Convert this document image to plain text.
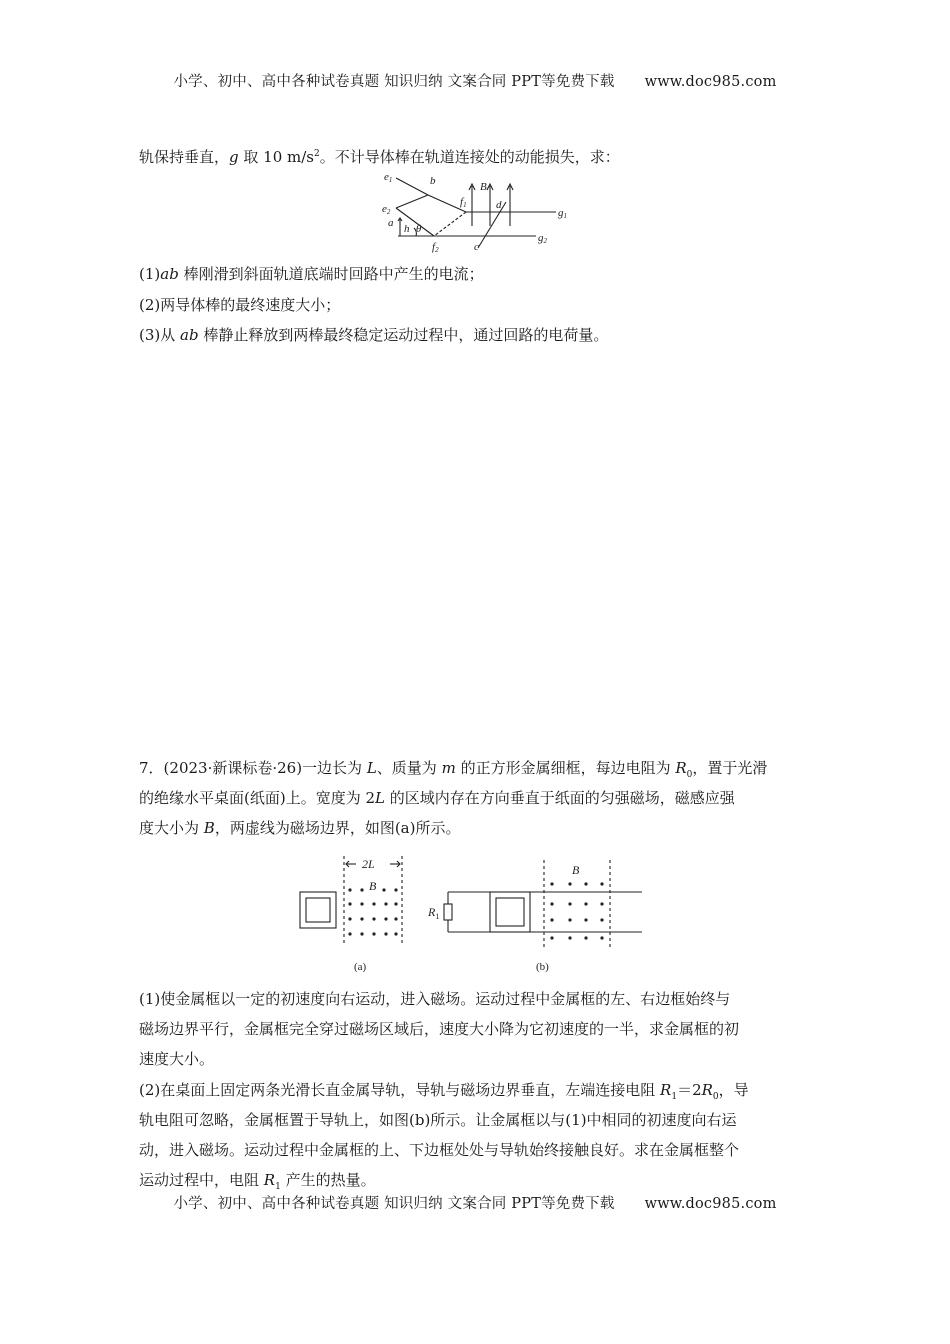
小学、初中、高中各种试卷真题 知识归纳 文案合同 PPT等免费下载 www.doc985.com
轨保持垂直，g 取 10 $m/s^2$。不计导体棒在轨道连接处的动能损失，求：
e1	b
e2
a h θ
f1
f2
B
d
c
g1
g2
(1)ab 棒刚滑到斜面轨道底端时回路中产生的电流；
(2)两导体棒的最终速度大小；
(3)从 ab 棒静止释放到两棒最终稳定运动过程中，通过回路的电荷量。
7．(2023·新课标卷·26)一边长为 L、质量为 m 的正方形金属细框，每边电阻为 $R_0$，置于光滑
的绝缘水平桌面(纸面)上。宽度为 2L 的区域内存在方向垂直于纸面的匀强磁场，磁感应强
度大小为 B，两虚线为磁场边界，如图(a)所示。
2L
B
(a)
B
$R_1$
(b)
(1)使金属框以一定的初速度向右运动，进入磁场。运动过程中金属框的左、右边框始终与
磁场边界平行，金属框完全穿过磁场区域后，速度大小降为它初速度的一半，求金属框的初
速度大小。
(2)在桌面上固定两条光滑长直金属导轨，导轨与磁场边界垂直，左端连接电阻 $R_1=2R_0$，导
轨电阻可忽略，金属框置于导轨上，如图(b)所示。让金属框以与(1)中相同的初速度向右运
动，进入磁场。运动过程中金属框的上、下边框处处与导轨始终接触良好。求在金属框整个
运动过程中，电阻 $R_1$ 产生的热量。
小学、初中、高中各种试卷真题 知识归纳 文案合同 PPT等免费下载 www.doc985.com
